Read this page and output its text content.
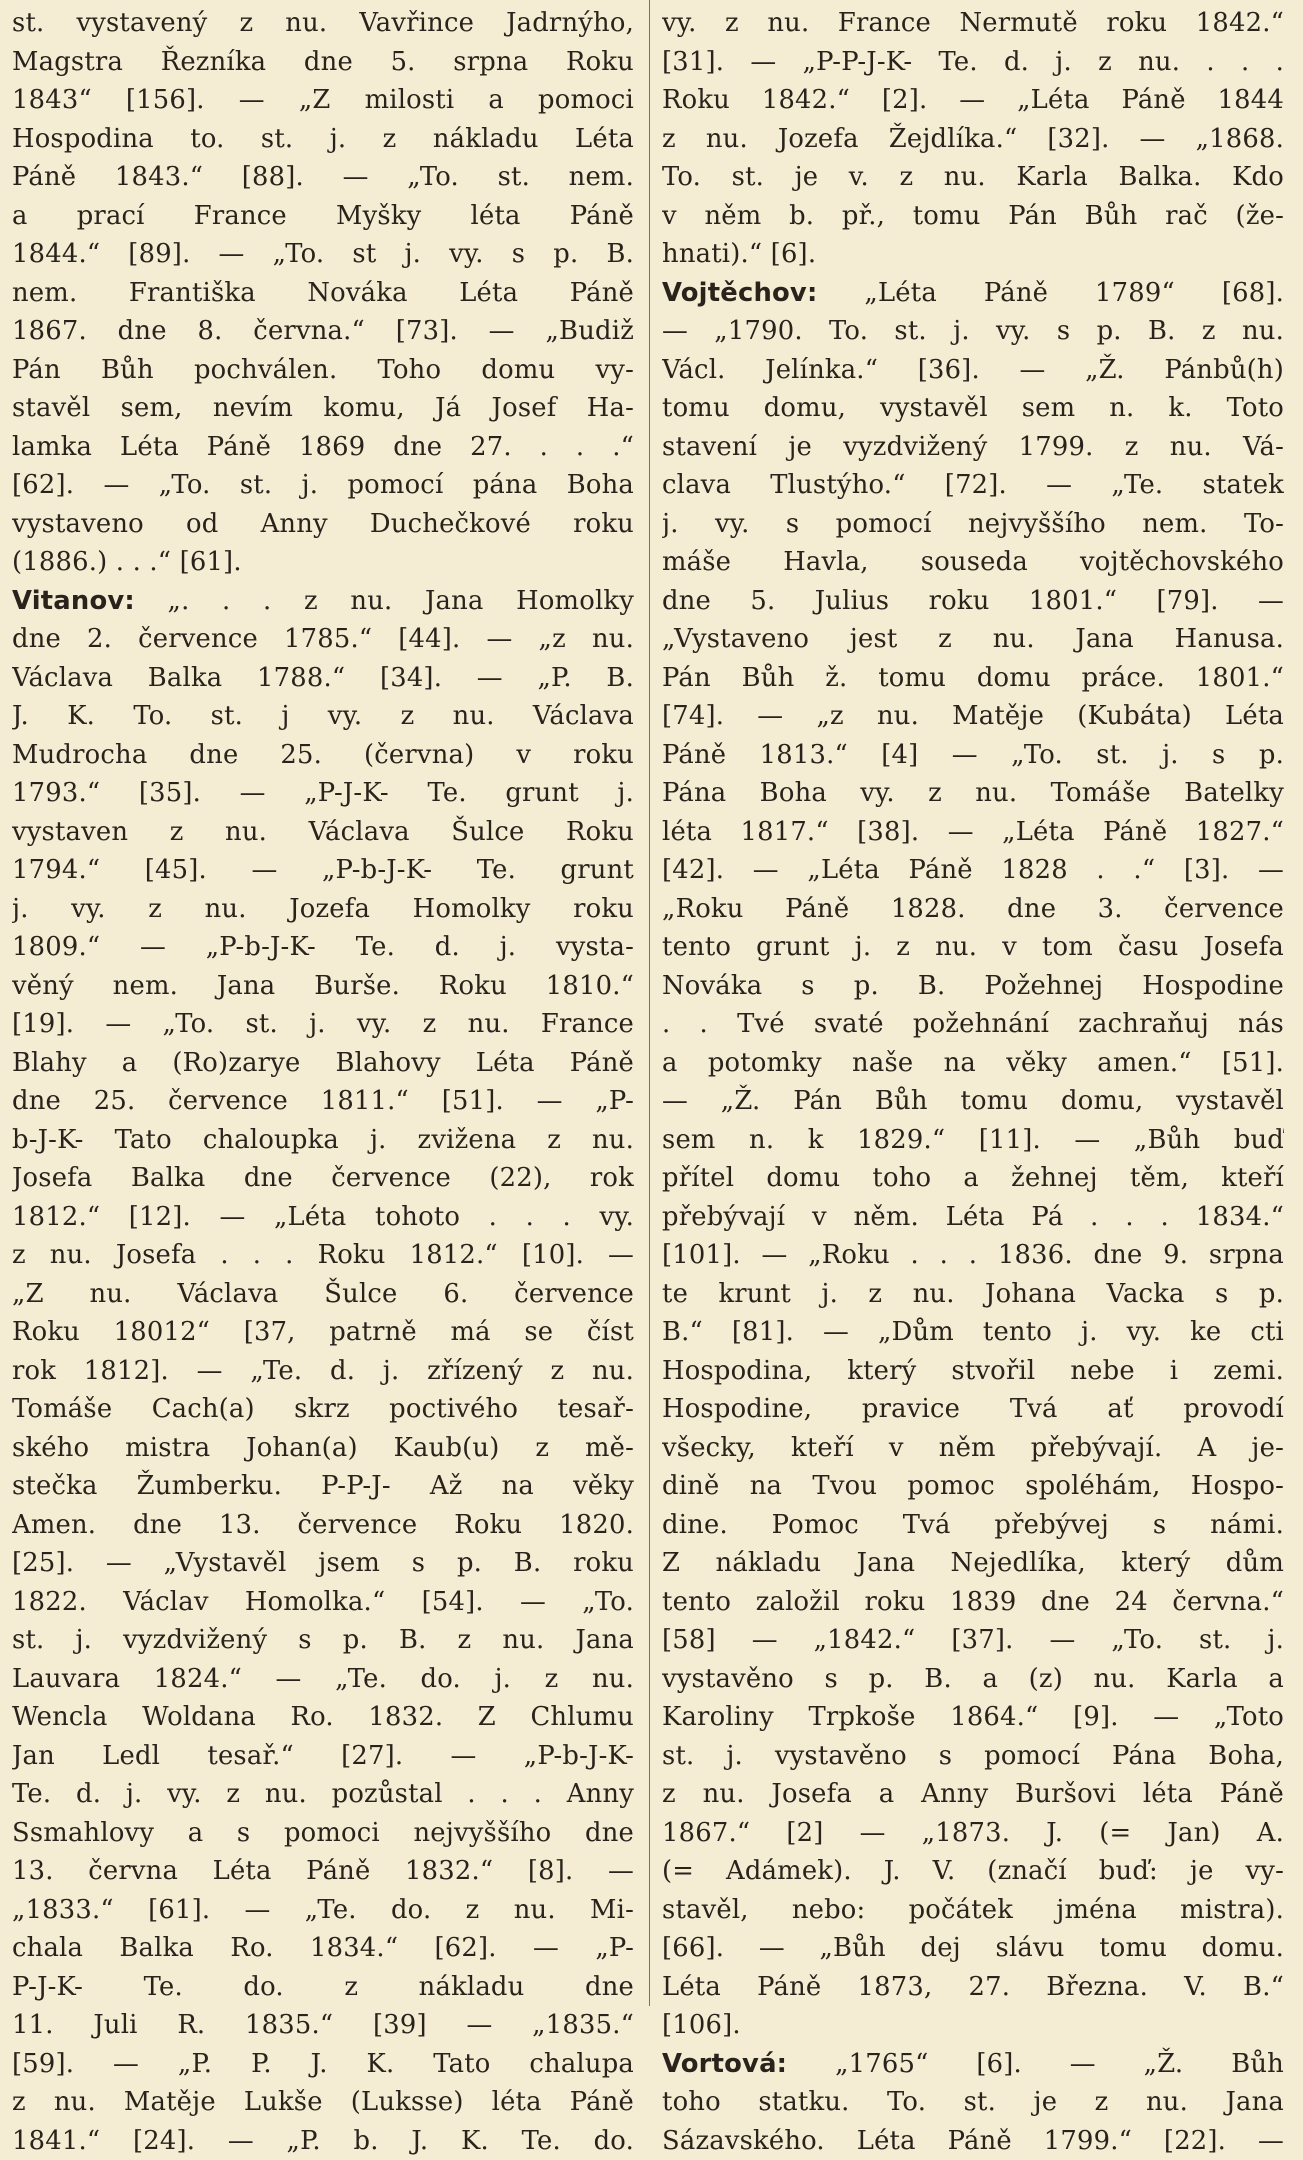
st. vystavený z nu. Vavřince Jadrnýho,
Magstra Řezníka dne 5. srpna Roku
1843“ [156]. — „Z milosti a pomoci
Hospodina to. st. j. z nákladu Léta
Páně 1843.“ [88]. — „To. st. nem.
a prací France Myšky léta Páně
1844.“ [89]. — „To. st j. vy. s p. B.
nem. Františka Nováka Léta Páně
1867. dne 8. června.“ [73]. — „Budiž
Pán Bůh pochválen. Toho domu vy-
stavěl sem, nevím komu, Já Josef Ha-
lamka Léta Páně 1869 dne 27. . . .“
[62]. — „To. st. j. pomocí pána Boha
vystaveno od Anny Duchečkové roku
(1886.) . . .“ [61].
Vitanov: „. . . z nu. Jana Homolky
dne 2. července 1785.“ [44]. — „z nu.
Václava Balka 1788.“ [34]. — „P. B.
J. K. To. st. j vy. z nu. Václava
Mudrocha dne 25. (června) v roku
1793.“ [35]. — „P-J-K- Te. grunt j.
vystaven z nu. Václava Šulce Roku
1794.“ [45]. — „P-b-J-K- Te. grunt
j. vy. z nu. Jozefa Homolky roku
1809.“ — „P-b-J-K- Te. d. j. vysta-
věný nem. Jana Burše. Roku 1810.“
[19]. — „To. st. j. vy. z nu. France
Blahy a (Ro)zarye Blahovy Léta Páně
dne 25. července 1811.“ [51]. — „P-
b-J-K- Tato chaloupka j. zvižena z nu.
Josefa Balka dne července (22), rok
1812.“ [12]. — „Léta tohoto . . . vy.
z nu. Josefa . . . Roku 1812.“ [10]. —
„Z nu. Václava Šulce 6. července
Roku 18012“ [37, patrně má se číst
rok 1812]. — „Te. d. j. zřízený z nu.
Tomáše Cach(a) skrz poctivého tesař-
ského mistra Johan(a) Kaub(u) z mě-
stečka Žumberku. P-P-J- Až na věky
Amen. dne 13. července Roku 1820.
[25]. — „Vystavěl jsem s p. B. roku
1822. Václav Homolka.“ [54]. — „To.
st. j. vyzdvižený s p. B. z nu. Jana
Lauvara 1824.“ — „Te. do. j. z nu.
Wencla Woldana Ro. 1832. Z Chlumu
Jan Ledl tesař.“ [27]. — „P-b-J-K-
Te. d. j. vy. z nu. pozůstal . . . Anny
Ssmahlovy a s pomoci nejvyššího dne
13. června Léta Páně 1832.“ [8]. —
„1833.“ [61]. — „Te. do. z nu. Mi-
chala Balka Ro. 1834.“ [62]. — „P-
P-J-K- Te. do. z nákladu dne
11. Juli R. 1835.“ [39] — „1835.“
[59]. — „P. P. J. K. Tato chalupa
z nu. Matěje Lukše (Luksse) léta Páně
1841.“ [24]. — „P. b. J. K. Te. do.
vy. z nu. France Nermutě roku 1842.“
[31]. — „P-P-J-K- Te. d. j. z nu. . . .
Roku 1842.“ [2]. — „Léta Páně 1844
z nu. Jozefa Žejdlíka.“ [32]. — „1868.
To. st. je v. z nu. Karla Balka. Kdo
v něm b. př., tomu Pán Bůh rač (že-
hnati).“ [6].
Vojtěchov: „Léta Páně 1789“ [68].
— „1790. To. st. j. vy. s p. B. z nu.
Václ. Jelínka.“ [36]. — „Ž. Pánbů(h)
tomu domu, vystavěl sem n. k. Toto
stavení je vyzdvižený 1799. z nu. Vá-
clava Tlustýho.“ [72]. — „Te. statek
j. vy. s pomocí nejvyššího nem. To-
máše Havla, souseda vojtěchovského
dne 5. Julius roku 1801.“ [79]. —
„Vystaveno jest z nu. Jana Hanusa.
Pán Bůh ž. tomu domu práce. 1801.“
[74]. — „z nu. Matěje (Kubáta) Léta
Páně 1813.“ [4] — „To. st. j. s p.
Pána Boha vy. z nu. Tomáše Batelky
léta 1817.“ [38]. — „Léta Páně 1827.“
[42]. — „Léta Páně 1828 . .“ [3]. —
„Roku Páně 1828. dne 3. července
tento grunt j. z nu. v tom času Josefa
Nováka s p. B. Požehnej Hospodine
. . Tvé svaté požehnání zachraňuj nás
a potomky naše na věky amen.“ [51].
— „Ž. Pán Bůh tomu domu, vystavěl
sem n. k 1829.“ [11]. — „Bůh buď
přítel domu toho a žehnej těm, kteří
přebývají v něm. Léta Pá . . . 1834.“
[101]. — „Roku . . . 1836. dne 9. srpna
te krunt j. z nu. Johana Vacka s p.
B.“ [81]. — „Dům tento j. vy. ke cti
Hospodina, který stvořil nebe i zemi.
Hospodine, pravice Tvá ať provodí
všecky, kteří v něm přebývají. A je-
dině na Tvou pomoc spoléhám, Hospo-
dine. Pomoc Tvá přebývej s námi.
Z nákladu Jana Nejedlíka, který dům
tento založil roku 1839 dne 24 června.“
[58] — „1842.“ [37]. — „To. st. j.
vystavěno s p. B. a (z) nu. Karla a
Karoliny Trpkoše 1864.“ [9]. — „Toto
st. j. vystavěno s pomocí Pána Boha,
z nu. Josefa a Anny Buršovi léta Páně
1867.“ [2] — „1873. J. (= Jan) A.
(= Adámek). J. V. (značí buď: je vy-
stavěl, nebo: počátek jména mistra).
[66]. — „Bůh dej slávu tomu domu.
Léta Páně 1873, 27. Března. V. B.“
[106].
Vortová: „1765“ [6]. — „Ž. Bůh
toho statku. To. st. je z nu. Jana
Sázavského. Léta Páně 1799.“ [22]. —
